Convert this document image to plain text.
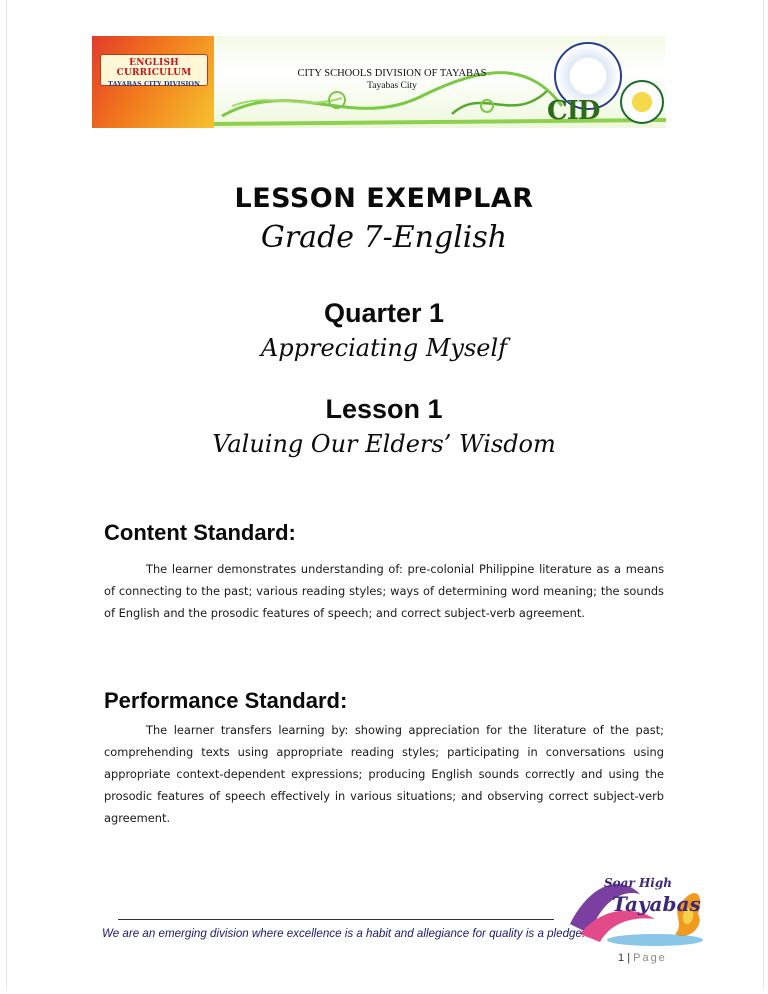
ENGLISH CURRICULUM
TAYABAS CITY DIVISION
CITY SCHOOLS DIVISION OF TAYABAS
Tayabas City
CID
LESSON EXEMPLAR
Grade 7-English
Quarter 1
Appreciating Myself
Lesson 1
Valuing Our Elders’ Wisdom
Content Standard:
The learner demonstrates understanding of: pre-colonial Philippine literature as a means of connecting to the past; various reading styles; ways of determining word meaning; the sounds of English and the prosodic features of speech; and correct subject-verb agreement.
Performance Standard:
The learner transfers learning by: showing appreciation for the literature of the past; comprehending texts using appropriate reading styles; participating in conversations using appropriate context-dependent expressions; producing English sounds correctly and using the prosodic features of speech effectively in various situations; and observing correct subject-verb agreement.
Soar High
Tayabas
We are an emerging division where excellence is a habit and allegiance for quality is a pledge.
1 | Page
